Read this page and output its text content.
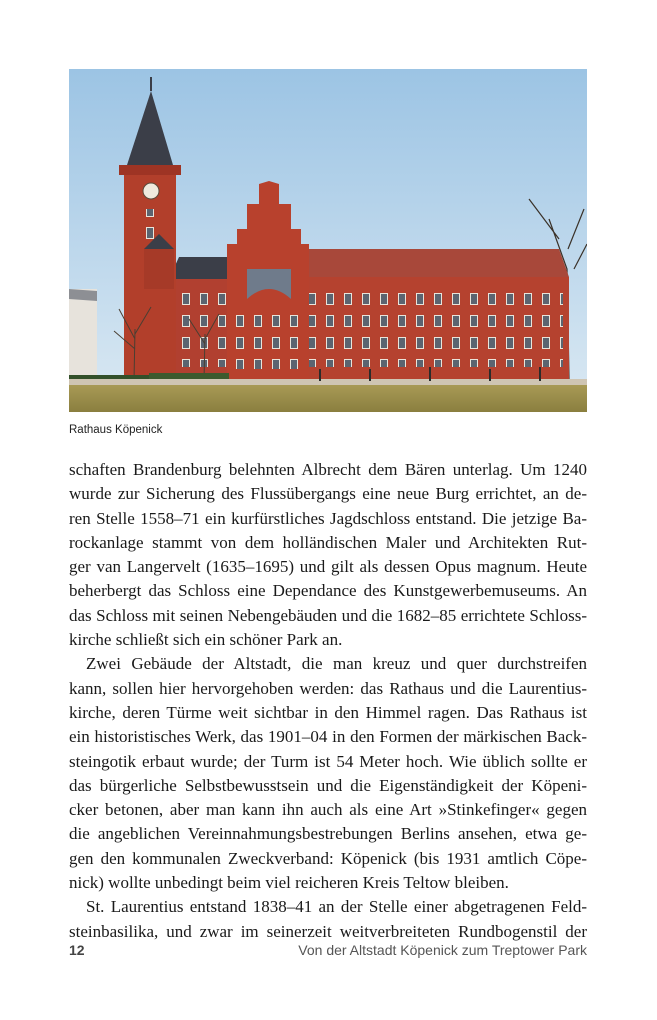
Rathaus Köpenick
schaften Brandenburg belehnten Albrecht dem Bären unterlag. Um 1240
wurde zur Sicherung des Flussübergangs eine neue Burg errichtet, an de-
ren Stelle 1558–71 ein kurfürstliches Jagdschloss entstand. Die jetzige Ba-
rockanlage stammt von dem holländischen Maler und Architekten Rut-
ger van Langervelt (1635–1695) und gilt als dessen Opus magnum. Heute
beherbergt das Schloss eine Dependance des Kunstgewerbemuseums. An
das Schloss mit seinen Nebengebäuden und die 1682–85 errichtete Schloss-
kirche schließt sich ein schöner Park an.
Zwei Gebäude der Altstadt, die man kreuz und quer durchstreifen
kann, sollen hier hervorgehoben werden: das Rathaus und die Laurentius-
kirche, deren Türme weit sichtbar in den Himmel ragen. Das Rathaus ist
ein historistisches Werk, das 1901–04 in den Formen der märkischen Back-
steingotik erbaut wurde; der Turm ist 54 Meter hoch. Wie üblich sollte er
das bürgerliche Selbstbewusstsein und die Eigenständigkeit der Köpeni-
cker betonen, aber man kann ihn auch als eine Art »Stinkefinger« gegen
die angeblichen Vereinnahmungsbestrebungen Berlins ansehen, etwa ge-
gen den kommunalen Zweckverband: Köpenick (bis 1931 amtlich Cöpe-
nick) wollte unbedingt beim viel reicheren Kreis Teltow bleiben.
St. Laurentius entstand 1838–41 an der Stelle einer abgetragenen Feld-
steinbasilika, und zwar im seinerzeit weitverbreiteten Rundbogenstil der
12	Von der Altstadt Köpenick zum Treptower Park
